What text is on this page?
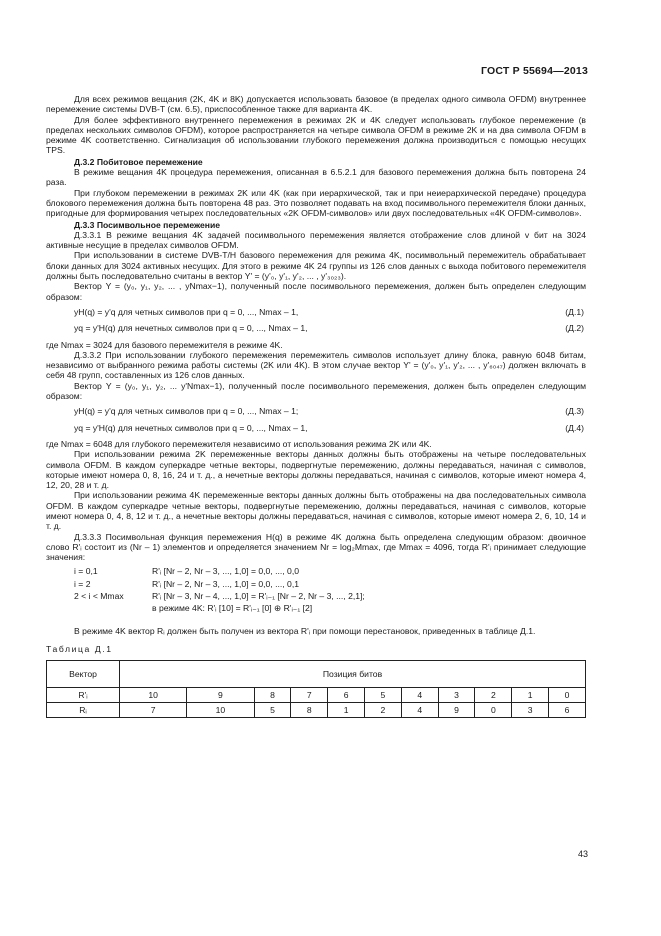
ГОСТ Р 55694—2013

Для всех режимов вещания (2K, 4K и 8K) допускается использовать базовое (в пределах одного символа OFDM) внутреннее перемежение системы DVB-T (см. 6.5), приспособленное также для варианта 4K.

Для более эффективного внутреннего перемежения в режимах 2K и 4K следует использовать глубокое перемежение (в пределах нескольких символов OFDM), которое распространяется на четыре символа OFDM в режиме 2K и на два символа OFDM в режиме 4K соответственно. Сигнализация об использовании глубокого перемежения должна производиться с помощью несущих TPS.

Д.3.2 Побитовое перемежение

В режиме вещания 4K процедура перемежения, описанная в 6.5.2.1 для базового перемежения должна быть повторена 24 раза.

При глубоком перемежении в режимах 2K или 4K (как при иерархической, так и при неиерархической передаче) процедура блокового перемежения должна быть повторена 48 раз. Это позволяет подавать на вход посимвольного перемежителя блоки данных, пригодные для формирования четырех последовательных «2K OFDM-символов» или двух последовательных «4K OFDM-символов».

Д.3.3 Посимвольное перемежение

Д.3.3.1 В режиме вещания 4K задачей посимвольного перемежения является отображение слов длиной v бит на 3024 активные несущие в пределах символов OFDM.

При использовании в системе DVB-T/H базового перемежения для режима 4K, посимвольный перемежитель обрабатывает блоки данных для 3024 активных несущих. Для этого в режиме 4K 24 группы из 126 слов данных с выхода побитового перемежителя должны быть последовательно считаны в вектор Y' = (y'₀, y'₁, y'₂, ... , y'₃₀₂₃).

Вектор Y = (y₀, y₁, y₂, ... , yNmax−1), полученный после посимвольного перемежения, должен быть определен следующим образом:

yH(q) = y'q для четных символов при q = 0, ..., Nmax – 1,	(Д.1)
yq = y'H(q) для нечетных символов при q = 0, ..., Nmax – 1,	(Д.2)

где Nmax = 3024 для базового перемежителя в режиме 4K.

Д.3.3.2 При использовании глубокого перемежения перемежитель символов использует длину блока, равную 6048 битам, независимо от выбранного режима работы системы (2K или 4K). В этом случае вектор Y' = (y'₀, y'₁, y'₂, ... , y'₆₀₄₇) должен включать в себя 48 групп, составленных из 126 слов данных.

Вектор Y = (y₀, y₁, y₂, ... y'Nmax−1), полученный после посимвольного перемежения, должен быть определен следующим образом:

yH(q) = y'q для четных символов при q = 0, ..., Nmax – 1;	(Д.3)
yq = y'H(q) для нечетных символов при q = 0, ..., Nmax – 1,	(Д.4)

где Nmax = 6048 для глубокого перемежителя независимо от использования режима 2K или 4K.

При использовании режима 2K перемеженные векторы данных должны быть отображены на четыре последовательных символа OFDM. В каждом суперкадре четные векторы, подвергнутые перемежению, должны передаваться, начиная с символов, которые имеют номера 0, 8, 16, 24 и т. д., а нечетные векторы должны передаваться, начиная с символов, которые имеют номера 4, 12, 20, 28 и т. д.

При использовании режима 4K перемеженные векторы данных должны быть отображены на два последовательных символа OFDM. В каждом суперкадре четные векторы, подвергнутые перемежению, должны передаваться, начиная с символов, которые имеют номера 0, 4, 8, 12 и т. д., а нечетные векторы должны передаваться, начиная с символов, которые имеют номера 2, 6, 10, 14 и т. д.

Д.3.3.3 Посимвольная функция перемежения H(q) в режиме 4K должна быть определена следующим образом: двоичное слово R'ᵢ состоит из (Nr – 1) элементов и определяется значением Nr = log₂Mmax, где Mmax = 4096, тогда R'ᵢ принимает следующие значения:

i = 0,1	R'ᵢ [Nr – 2, Nr – 3, ..., 1,0] = 0,0, ..., 0,0
i = 2	R'ᵢ [Nr – 2, Nr – 3, ..., 1,0] = 0,0, ..., 0,1
2 < i < Mmax	R'ᵢ [Nr – 3, Nr – 4, ..., 1,0] = R'ᵢ₋₁ [Nr – 2, Nr – 3, ..., 2,1];
в режиме 4K: R'ᵢ [10] = R'ᵢ₋₁ [0] ⊕ R'ᵢ₋₁ [2]

В режиме 4K вектор Rᵢ должен быть получен из вектора R'ᵢ при помощи перестановок, приведенных в таблице Д.1.

Таблица Д.1

Вектор	Позиция битов										
R'ᵢ	10	9	8	7	6	5	4	3	2	1	0
Rᵢ	7	10	5	8	1	2	4	9	0	3	6
43
